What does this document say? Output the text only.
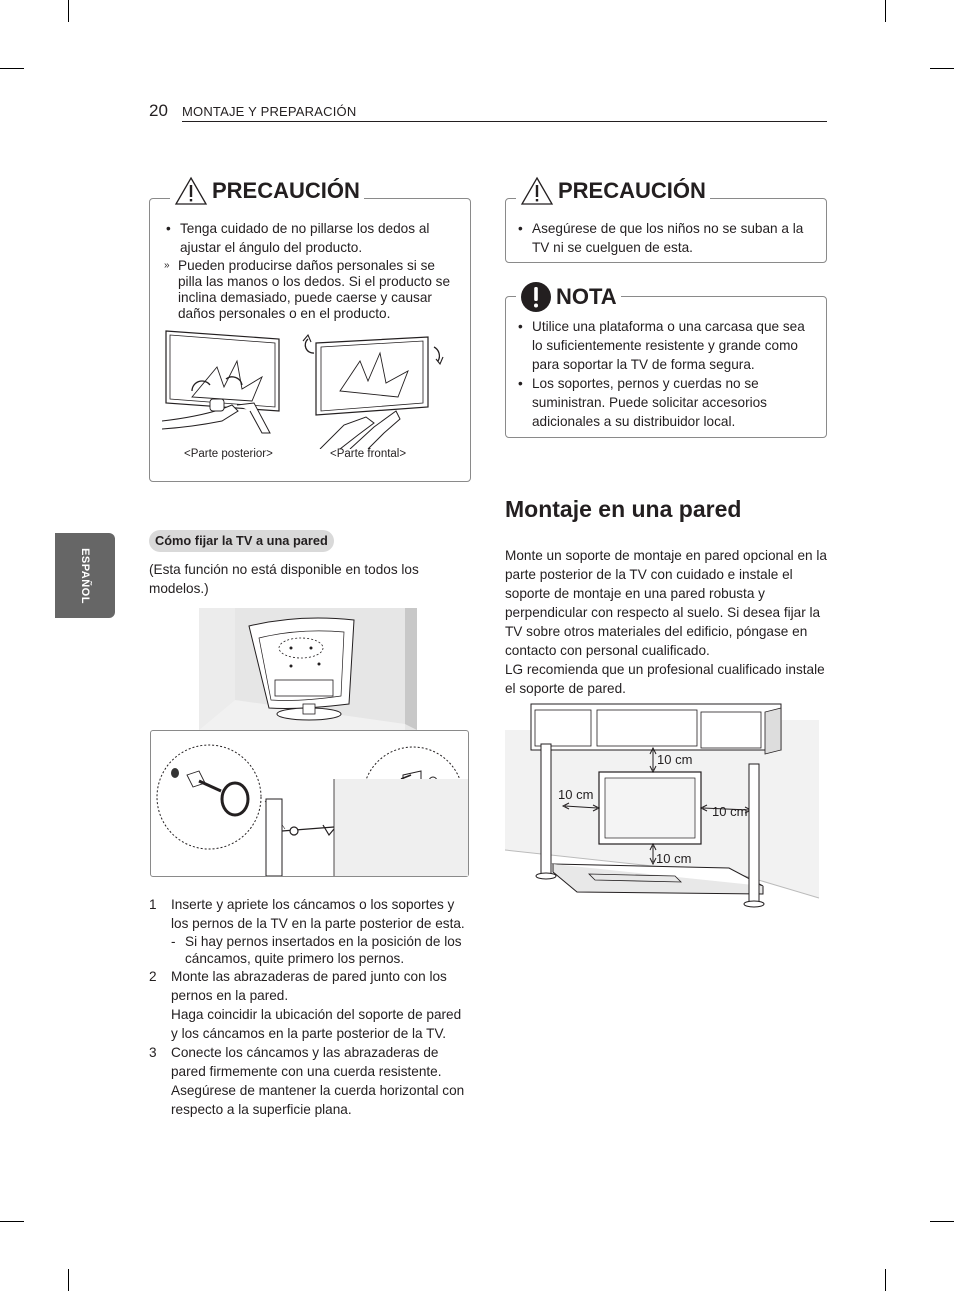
20 MONTAJE Y PREPARACIÓN
ESPAÑOL
PRECAUCIÓN
• Tenga cuidado de no pillarse los dedos al ajustar el ángulo del producto.
» Pueden producirse daños personales si se pilla las manos o los dedos. Si el producto se inclina demasiado, puede caerse y causar daños personales o en el producto.
<Parte posterior>	<Parte frontal>
PRECAUCIÓN
• Asegúrese de que los niños no se suban a la TV ni se cuelguen de esta.
NOTA
• Utilice una plataforma o una carcasa que sea lo suficientemente resistente y grande como para soportar la TV de forma segura.
• Los soportes, pernos y cuerdas no se suministran. Puede solicitar accesorios adicionales a su distribuidor local.
Cómo fijar la TV a una pared
(Esta función no está disponible en todos los modelos.)
1 Inserte y apriete los cáncamos o los soportes y los pernos de la TV en la parte posterior de esta.
- Si hay pernos insertados en la posición de los cáncamos, quite primero los pernos.
2 Monte las abrazaderas de pared junto con los pernos en la pared.
Haga coincidir la ubicación del soporte de pared y los cáncamos en la parte posterior de la TV.
3 Conecte los cáncamos y las abrazaderas de pared firmemente con una cuerda resistente.
Asegúrese de mantener la cuerda horizontal con respecto a la superficie plana.
Montaje en una pared
Monte un soporte de montaje en pared opcional en la parte posterior de la TV con cuidado e instale el soporte de montaje en una pared robusta y perpendicular con respecto al suelo. Si desea fijar la TV sobre otros materiales del edificio, póngase en contacto con personal cualificado.
LG recomienda que un profesional cualificado instale el soporte de pared.
10 cm
10 cm
10 cm
10 cm
